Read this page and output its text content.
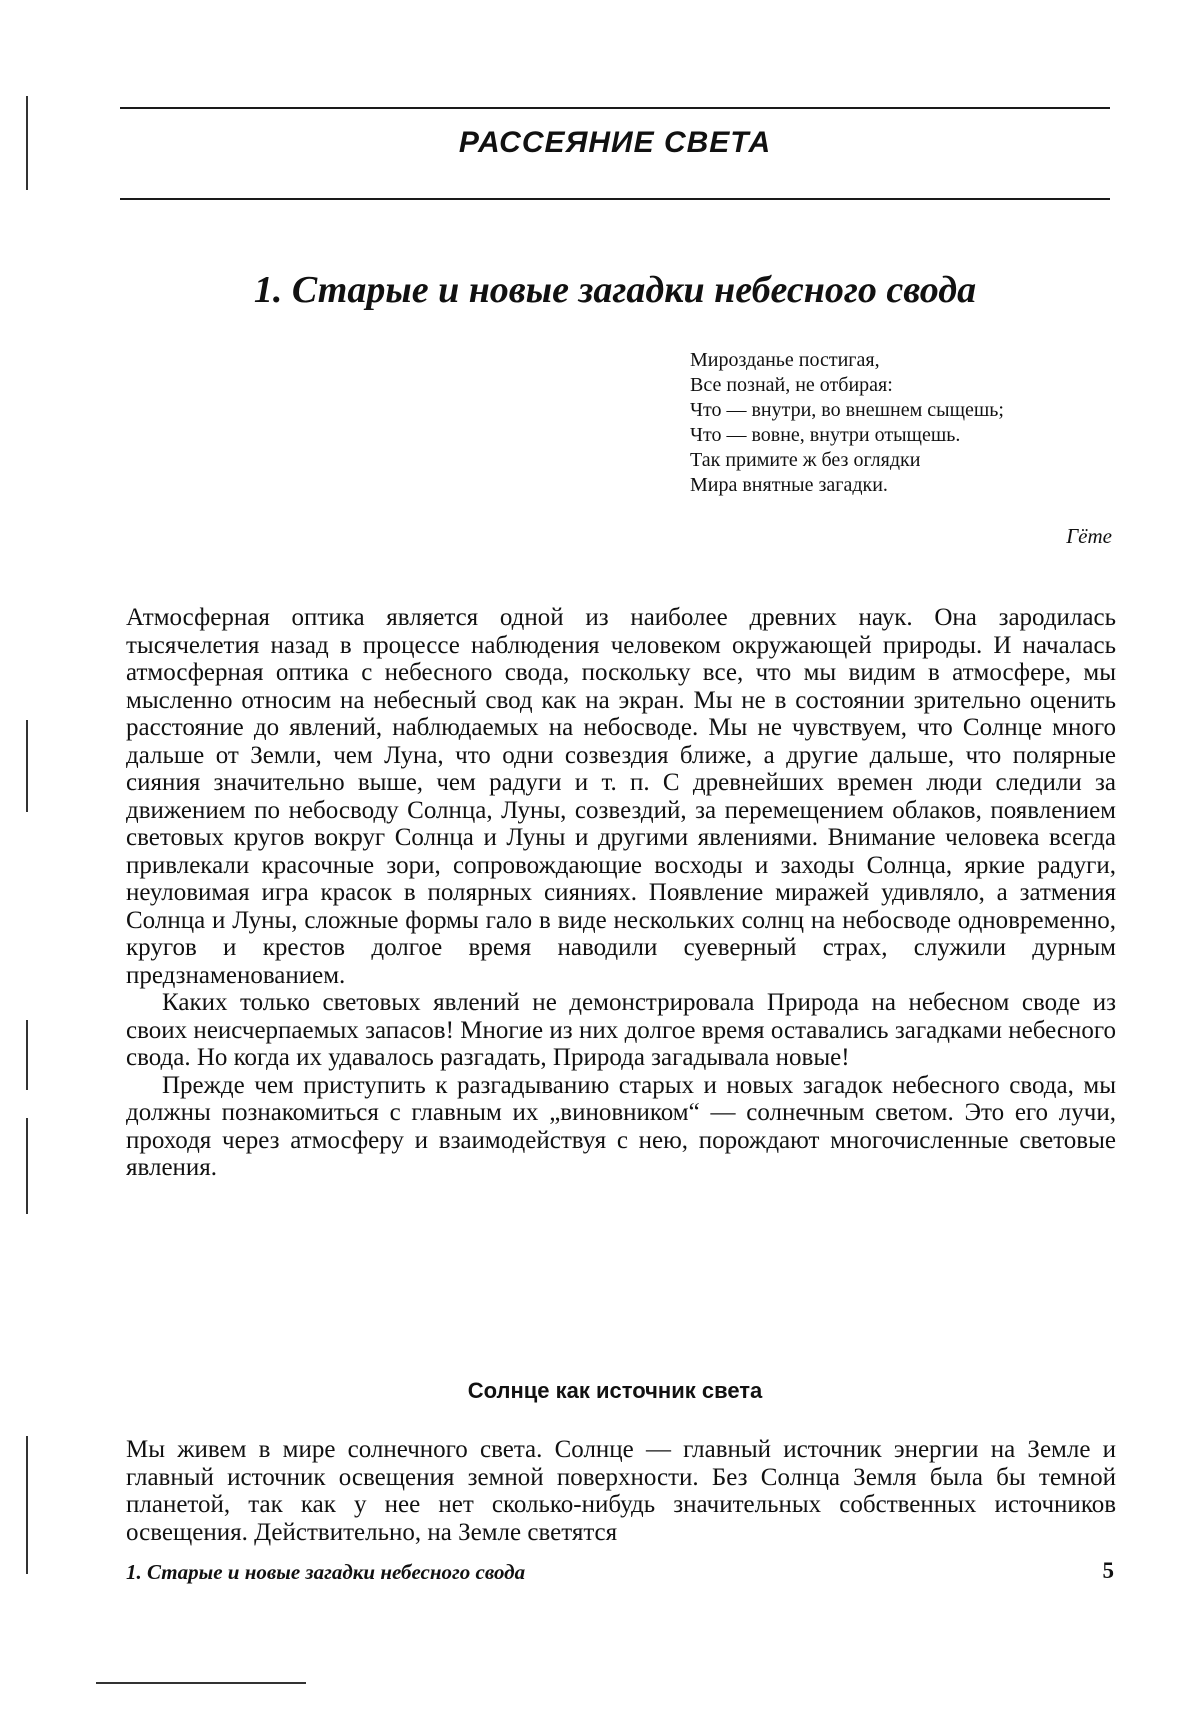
РАССЕЯНИЕ СВЕТА
1. Старые и новые загадки небесного свода
Мирозданье постигая,
Все познай, не отбирая:
Что — внутри, во внешнем сыщешь;
Что — вовне, внутри отыщешь.
Так примите ж без оглядки
Мира внятные загадки.
Гёте

Атмосферная оптика является одной из наиболее древних наук. Она зародилась тысячелетия назад в процессе наблюдения человеком окружающей природы. И началась атмосферная оптика с небесного свода, поскольку все, что мы видим в атмосфере, мы мысленно относим на небесный свод как на экран. Мы не в состоянии зрительно оценить расстояние до явлений, наблюдаемых на небосводе. Мы не чувствуем, что Солнце много дальше от Земли, чем Луна, что одни созвездия ближе, а другие дальше, что полярные сияния значительно выше, чем радуги и т. п. С древнейших времен люди следили за движением по небосводу Солнца, Луны, созвездий, за перемещением облаков, появлением световых кругов вокруг Солнца и Луны и другими явлениями. Внимание человека всегда привлекали красочные зори, сопровождающие восходы и заходы Солнца, яркие радуги, неуловимая игра красок в полярных сияниях. Появление миражей удивляло, а затмения Солнца и Луны, сложные формы гало в виде нескольких солнц на небосводе одновременно, кругов и крестов долгое время наводили суеверный страх, служили дурным предзнаменованием.

Каких только световых явлений не демонстрировала Природа на небесном своде из своих неисчерпаемых запасов! Многие из них долгое время оставались загадками небесного свода. Но когда их удавалось разгадать, Природа загадывала новые!

Прежде чем приступить к разгадыванию старых и новых загадок небесного свода, мы должны познакомиться с главным их „виновником“ — солнечным светом. Это его лучи, проходя через атмосферу и взаимодействуя с нею, порождают многочисленные световые явления.

Солнце как источник света

Мы живем в мире солнечного света. Солнце — главный источник энергии на Земле и главный источник освещения земной поверхности. Без Солнца Земля была бы темной планетой, так как у нее нет сколько-нибудь значительных собственных источников освещения. Действительно, на Земле светятся

1. Старые и новые загадки небесного свода	5
